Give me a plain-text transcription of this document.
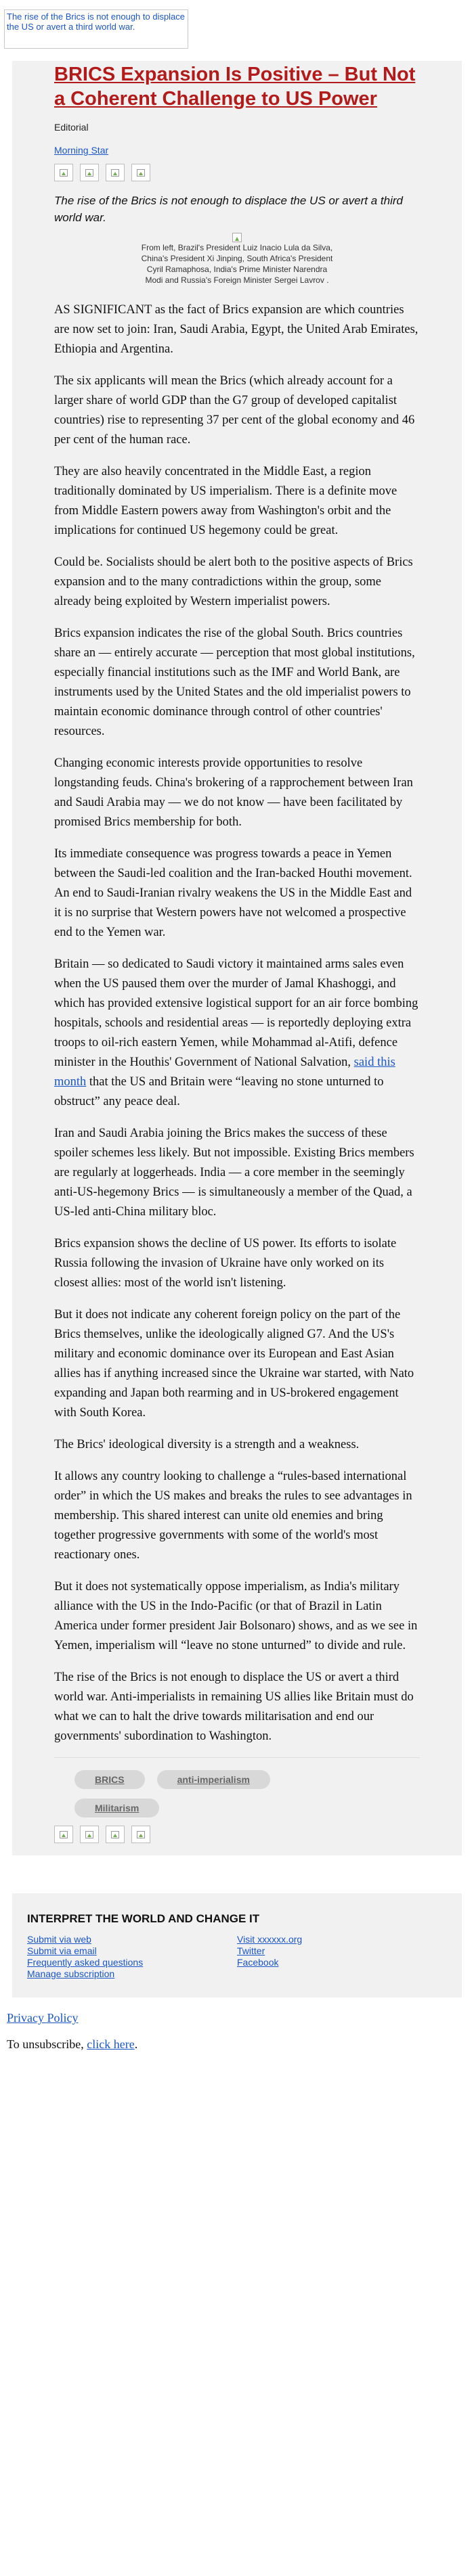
The rise of the Brics is not enough to displace the US or avert a third world war.
BRICS Expansion Is Positive – But Not a Coherent Challenge to US Power
Editorial
Morning Star
The rise of the Brics is not enough to displace the US or avert a third world war.
From left, Brazil's President Luiz Inacio Lula da Silva, China's President Xi Jinping, South Africa's President Cyril Ramaphosa, India's Prime Minister Narendra Modi and Russia's Foreign Minister Sergei Lavrov .

AS SIGNIFICANT as the fact of Brics expansion are which countries are now set to join: Iran, Saudi Arabia, Egypt, the United Arab Emirates, Ethiopia and Argentina.

The six applicants will mean the Brics (which already account for a larger share of world GDP than the G7 group of developed capitalist countries) rise to representing 37 per cent of the global economy and 46 per cent of the human race.

They are also heavily concentrated in the Middle East, a region traditionally dominated by US imperialism. There is a definite move from Middle Eastern powers away from Washington's orbit and the implications for continued US hegemony could be great.

Could be. Socialists should be alert both to the positive aspects of Brics expansion and to the many contradictions within the group, some already being exploited by Western imperialist powers.

Brics expansion indicates the rise of the global South. Brics countries share an — entirely accurate — perception that most global institutions, especially financial institutions such as the IMF and World Bank, are instruments used by the United States and the old imperialist powers to maintain economic dominance through control of other countries' resources.

Changing economic interests provide opportunities to resolve longstanding feuds. China's brokering of a rapprochement between Iran and Saudi Arabia may — we do not know — have been facilitated by promised Brics membership for both.

Its immediate consequence was progress towards a peace in Yemen between the Saudi-led coalition and the Iran-backed Houthi movement. An end to Saudi-Iranian rivalry weakens the US in the Middle East and it is no surprise that Western powers have not welcomed a prospective end to the Yemen war.

Britain — so dedicated to Saudi victory it maintained arms sales even when the US paused them over the murder of Jamal Khashoggi, and which has provided extensive logistical support for an air force bombing hospitals, schools and residential areas — is reportedly deploying extra troops to oil-rich eastern Yemen, while Mohammad al-Atifi, defence minister in the Houthis' Government of National Salvation, said this month that the US and Britain were “leaving no stone unturned to obstruct” any peace deal.

Iran and Saudi Arabia joining the Brics makes the success of these spoiler schemes less likely. But not impossible. Existing Brics members are regularly at loggerheads. India — a core member in the seemingly anti-US-hegemony Brics — is simultaneously a member of the Quad, a US-led anti-China military bloc.

Brics expansion shows the decline of US power. Its efforts to isolate Russia following the invasion of Ukraine have only worked on its closest allies: most of the world isn't listening.

But it does not indicate any coherent foreign policy on the part of the Brics themselves, unlike the ideologically aligned G7. And the US's military and economic dominance over its European and East Asian allies has if anything increased since the Ukraine war started, with Nato expanding and Japan both rearming and in US-brokered engagement with South Korea.

The Brics' ideological diversity is a strength and a weakness.

It allows any country looking to challenge a “rules-based international order” in which the US makes and breaks the rules to see advantages in membership. This shared interest can unite old enemies and bring together progressive governments with some of the world's most reactionary ones.

But it does not systematically oppose imperialism, as India's military alliance with the US in the Indo-Pacific (or that of Brazil in Latin America under former president Jair Bolsonaro) shows, and as we see in Yemen, imperialism will “leave no stone unturned” to divide and rule.

The rise of the Brics is not enough to displace the US or avert a third world war. Anti-imperialists in remaining US allies like Britain must do what we can to halt the drive towards militarisation and end our governments' subordination to Washington.

BRICS	anti-imperialism
Militarism
INTERPRET THE WORLD AND CHANGE IT
Submit via web
Submit via email
Frequently asked questions
Manage subscription
Visit xxxxxx.org
Twitter
Facebook
Privacy Policy
To unsubscribe, click here.
